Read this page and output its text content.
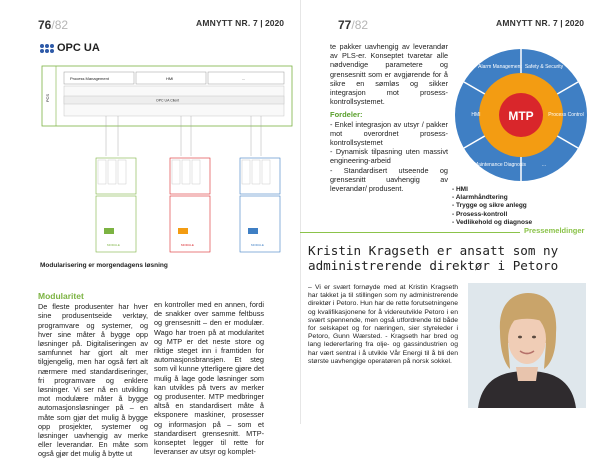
76/82	AMNYTT NR. 7 | 2020
OPC UA
PCS
Process Management	HMI	...
OPC UA Client
MODULE	MODULE	MODULE
Modularisering er morgendagens løsning
Modularitet

De fleste produsenter har hver sine produsentseide verktøy, programvare og systemer, og hver sine måter å bygge opp løsninger på. Digitaliseringen av samfunnet har gjort alt mer tilgjengelig, men har også ført alt nærmere med standardiseringer, fri programvare og enklere løsninger. Vi ser nå en utvikling mot modulære måter å bygge automasjonsløsninger på – en måte som gjør det mulig å bygge opp prosjekter, systemer og løsninger uavhengig av merke eller leverandør. En måte som også gjør det mulig å bytte ut

en kontroller med en annen, fordi de snakker over samme feltbuss og grensesnitt – den er modulær. Wago har troen på at modularitet og MTP er det neste store og riktige steget inn i framtiden for automasjonsbransjen. Et steg som vil kunne ytterligere gjøre det mulig å lage gode løsninger som kan utvikles på tvers av merker og produsenter. MTP medbringer altså en standardisert måte å eksponere maskiner, prosesser og informasjon på – som et standardisert grensesnitt. MTP-konseptet legger til rette for leveranser av utsyr og komplet-

77/82	AMNYTT NR. 7 | 2020

te pakker uavhengig av leverandør av PLS-er. Konseptet tvaretar alle nødvendige parametere og grensesnitt som er avgjørende for å sikre en sømløs og sikker integrasjon mot prosess-kontrollsystemet.

Fordeler:
- Enkel integrasjon av utsyr / pakker mot overordnet prosess-kontrollsystemet
- Dynamisk tilpasning uten massivt engineering-arbeid
- Standardisert utseende og grensesnitt uavhengig av leverandør/ produsent.
MTP
Alarm Management Safety & Security
Process Control
...
Maintenance Diagnosis
HMI
- HMI
- Alarmhåndtering
- Trygge og sikre anlegg
- Prosess-kontroll
- Vedlikehold og diagnose
Pressemeldinger
Kristin Kragseth er ansatt som ny administrerende direktør i Petoro
– Vi er svært fornøyde med at Kristin Kragseth har takket ja til stillingen som ny administrerende direktør i Petoro. Hun har de rette forutsetningene og kvalifikasjonene for å videreutvikle Petoro i en svært spennende, men også utfordrende tid både for selskapet og for næringen, sier styreleder i Petoro, Gunn Wærsted. - Kragseth har bred og lang ledererfaring fra olje- og gassindustrien og har vært sentral i å utvikle Vår Energi til å bli den største uavhengige operatøren på norsk sokkel.
